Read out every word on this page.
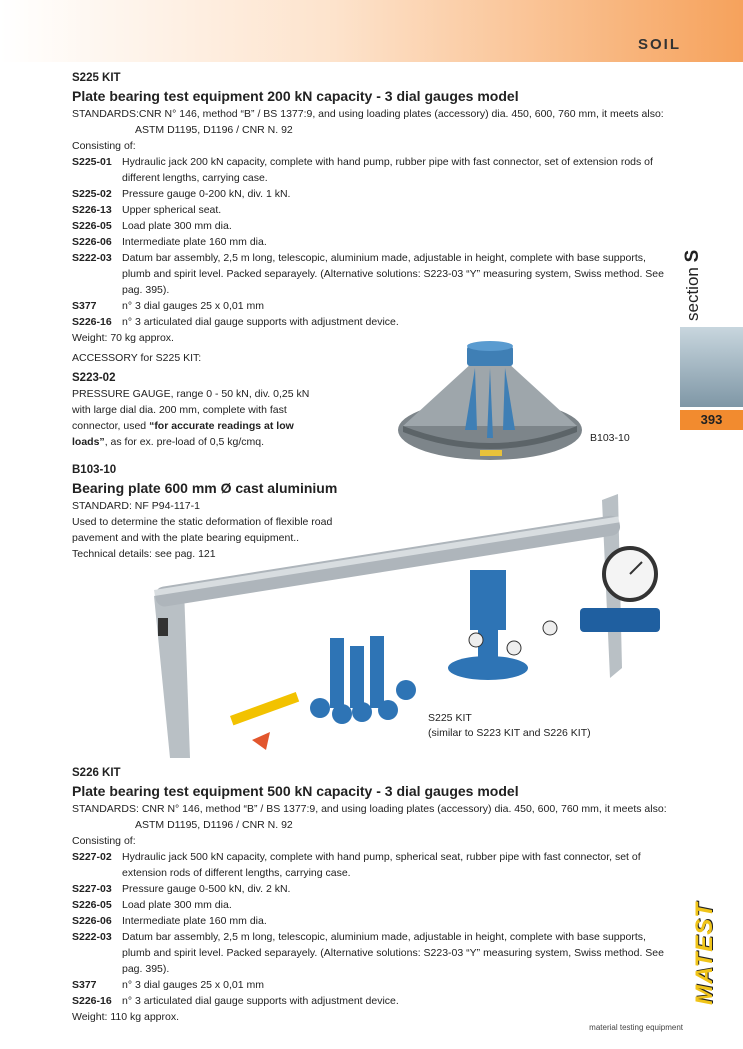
SOIL
S225 KIT
Plate bearing test equipment 200 kN capacity - 3 dial gauges model
STANDARDS:CNR N° 146, method “B” / BS 1377:9, and using loading plates (accessory) dia. 450, 600, 760 mm, it meets also:
ASTM D1195, D1196 / CNR N. 92
Consisting of:
S225-01 Hydraulic jack 200 kN capacity, complete with hand pump, rubber pipe with fast connector, set of extension rods of different lengths, carrying case.
S225-02 Pressure gauge 0-200 kN, div. 1 kN.
S226-13 Upper spherical seat.
S226-05 Load plate 300 mm dia.
S226-06 Intermediate plate 160 mm dia.
S222-03 Datum bar assembly, 2,5 m long, telescopic, aluminium made, adjustable in height, complete with base supports, plumb and spirit level. Packed separayely. (Alternative solutions: S223-03 “Y” measuring system, Swiss method. See pag. 395).
S377	n° 3 dial gauges 25 x 0,01 mm
S226-16 n° 3 articulated dial gauge supports with adjustment device.
Weight: 70 kg approx.
ACCESSORY for S225 KIT:
S223-02
PRESSURE GAUGE, range 0 - 50 kN, div. 0,25 kN with large dial dia. 200 mm, complete with fast connector, used “for accurate readings at low loads”, as for ex. pre-load of 0,5 kg/cmq.	B103-10
B103-10
Bearing plate 600 mm Ø cast aluminium
STANDARD: NF P94-117-1
Used to determine the static deformation of flexible road pavement and with the plate bearing equipment..
Technical details: see pag. 121
S225 KIT
(similar to S223 KIT and S226 KIT)
S226 KIT
Plate bearing test equipment 500 kN capacity - 3 dial gauges model
STANDARDS: CNR N° 146, method “B” / BS 1377:9, and using loading plates (accessory) dia. 450, 600, 760 mm, it meets also:
ASTM D1195, D1196 / CNR N. 92
Consisting of:
S227-02 Hydraulic jack 500 kN capacity, complete with hand pump, spherical seat, rubber pipe with fast connector, set of extension rods of different lengths, carrying case.
S227-03 Pressure gauge 0-500 kN, div. 2 kN.
S226-05 Load plate 300 mm dia.
S226-06 Intermediate plate 160 mm dia.
S222-03 Datum bar assembly, 2,5 m long, telescopic, aluminium made, adjustable in height, complete with base supports, plumb and spirit level. Packed separayely. (Alternative solutions: S223-03 “Y” measuring system, Swiss method. See pag. 395).
S377	n° 3 dial gauges 25 x 0,01 mm
S226-16 n° 3 articulated dial gauge supports with adjustment device.
Weight: 110 kg approx.
section S
393
MATEST
material testing equipment
